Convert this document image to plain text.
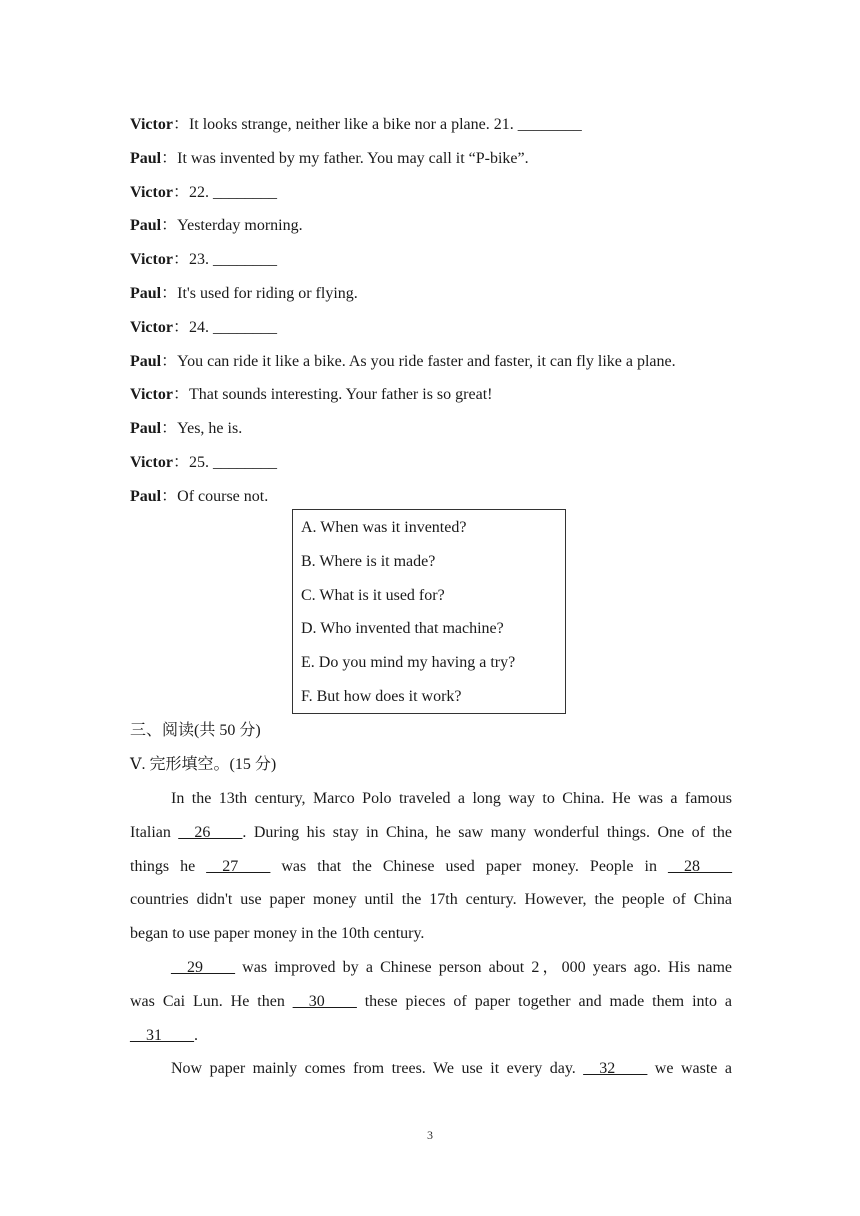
Victor：It looks strange, neither like a bike nor a plane. 21. ________
Paul：It was invented by my father. You may call it “P-bike”.
Victor：22. ________
Paul：Yesterday morning.
Victor：23. ________
Paul：It's used for riding or flying.
Victor：24. ________
Paul：You can ride it like a bike. As you ride faster and faster, it can fly like a plane.
Victor：That sounds interesting. Your father is so great!
Paul：Yes, he is.
Victor：25. ________
Paul：Of course not.
A. When was it invented?
B. Where is it made?
C. What is it used for?
D. Who invented that machine?
E. Do you mind my having a try?
F. But how does it work?
三、阅读(共 50 分)
Ⅴ. 完形填空。(15 分)

In the 13th century, Marco Polo traveled a long way to China. He was a famous

Italian __26____. During his stay in China, he saw many wonderful things. One of the

things he __27____ was that the Chinese used paper money. People in __28____

countries didn't use paper money until the 17th century. However, the people of China

began to use paper money in the 10th century.

__29____ was improved by a Chinese person about 2，000 years ago. His name

was Cai Lun. He then __30____ these pieces of paper together and made them into a

__31____.

Now paper mainly comes from trees. We use it every day. __32____ we waste a

3
